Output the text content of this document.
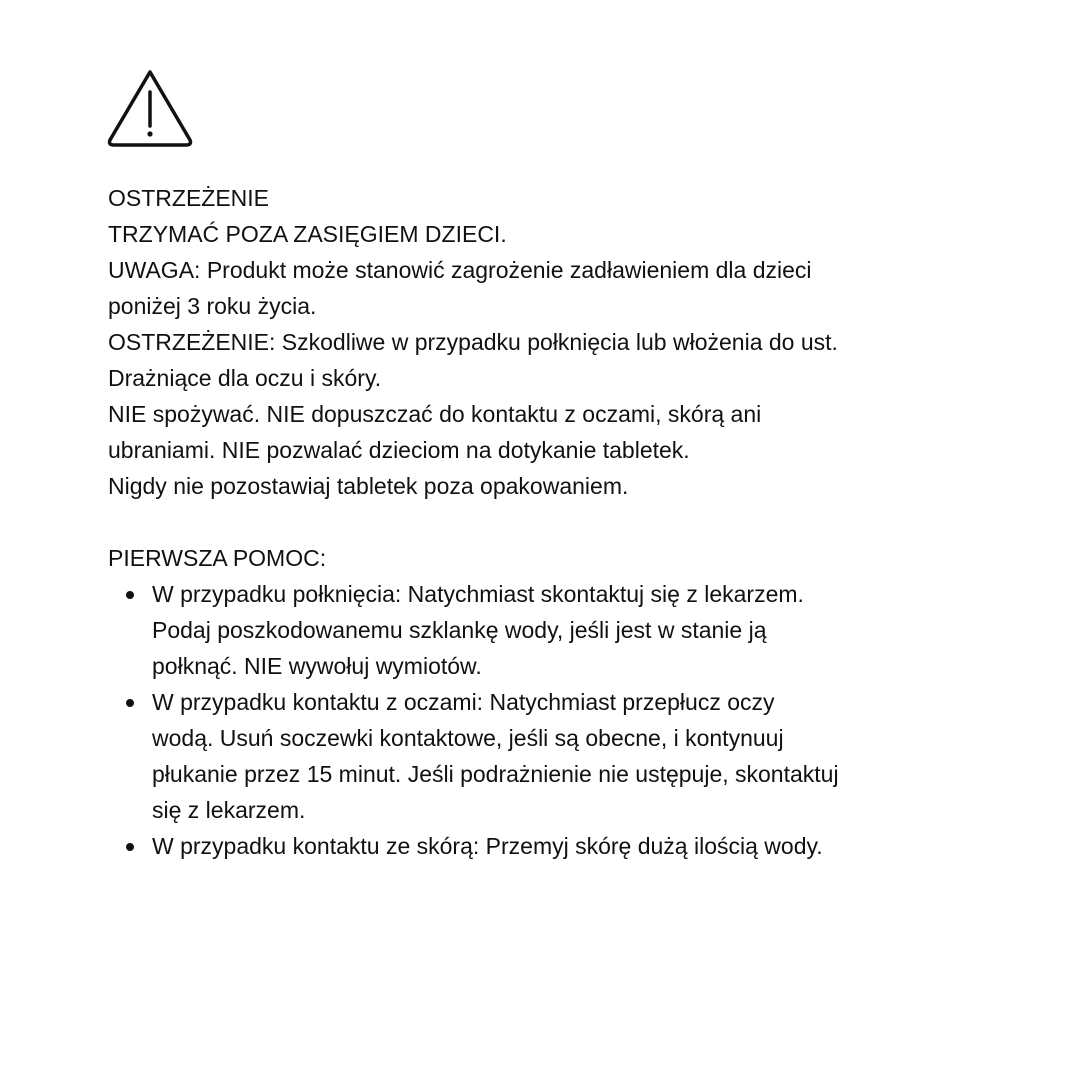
OSTRZEŻENIE
TRZYMAĆ POZA ZASIĘGIEM DZIECI.
UWAGA: Produkt może stanowić zagrożenie zadławieniem dla dzieci
poniżej 3 roku życia.
OSTRZEŻENIE: Szkodliwe w przypadku połknięcia lub włożenia do ust.
Drażniące dla oczu i skóry.
NIE spożywać. NIE dopuszczać do kontaktu z oczami, skórą ani
ubraniami. NIE pozwalać dzieciom na dotykanie tabletek.
Nigdy nie pozostawiaj tabletek poza opakowaniem.
PIERWSZA POMOC:
W przypadku połknięcia: Natychmiast skontaktuj się z lekarzem.
Podaj poszkodowanemu szklankę wody, jeśli jest w stanie ją
połknąć. NIE wywołuj wymiotów.
W przypadku kontaktu z oczami: Natychmiast przepłucz oczy
wodą. Usuń soczewki kontaktowe, jeśli są obecne, i kontynuuj
płukanie przez 15 minut. Jeśli podrażnienie nie ustępuje, skontaktuj
się z lekarzem.
W przypadku kontaktu ze skórą: Przemyj skórę dużą ilością wody.
